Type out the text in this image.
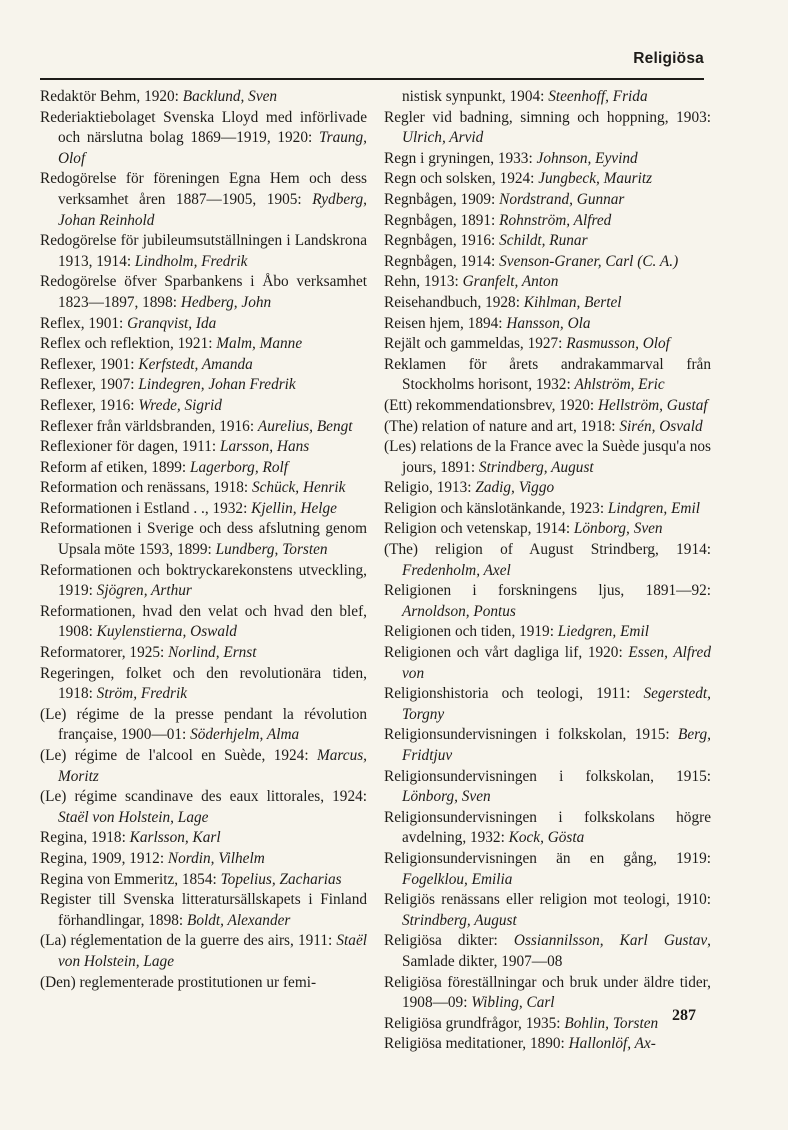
Religiösa

Redaktör Behm, 1920: Backlund, Sven

Rederiaktiebolaget Svenska Lloyd med införlivade och närslutna bolag 1869—1919, 1920: Traung, Olof

Redogörelse för föreningen Egna Hem och dess verksamhet åren 1887—1905, 1905: Rydberg, Johan Reinhold

Redogörelse för jubileumsutställningen i Landskrona 1913, 1914: Lindholm, Fredrik

Redogörelse öfver Sparbankens i Åbo verksamhet 1823—1897, 1898: Hedberg, John

Reflex, 1901: Granqvist, Ida

Reflex och reflektion, 1921: Malm, Manne

Reflexer, 1901: Kerfstedt, Amanda

Reflexer, 1907: Lindegren, Johan Fredrik

Reflexer, 1916: Wrede, Sigrid

Reflexer från världsbranden, 1916: Aurelius, Bengt

Reflexioner för dagen, 1911: Larsson, Hans

Reform af etiken, 1899: Lagerborg, Rolf

Reformation och renässans, 1918: Schück, Henrik

Reformationen i Estland . ., 1932: Kjellin, Helge

Reformationen i Sverige och dess afslutning genom Upsala möte 1593, 1899: Lundberg, Torsten

Reformationen och boktryckarekonstens utveckling, 1919: Sjögren, Arthur

Reformationen, hvad den velat och hvad den blef, 1908: Kuylenstierna, Oswald

Reformatorer, 1925: Norlind, Ernst

Regeringen, folket och den revolutionära tiden, 1918: Ström, Fredrik

(Le) régime de la presse pendant la révolution française, 1900—01: Söderhjelm, Alma

(Le) régime de l'alcool en Suède, 1924: Marcus, Moritz

(Le) régime scandinave des eaux littorales, 1924: Staël von Holstein, Lage

Regina, 1918: Karlsson, Karl

Regina, 1909, 1912: Nordin, Vilhelm

Regina von Emmeritz, 1854: Topelius, Zacharias

Register till Svenska litteratursällskapets i Finland förhandlingar, 1898: Boldt, Alexander

(La) réglementation de la guerre des airs, 1911: Staël von Holstein, Lage

(Den) reglementerade prostitutionen ur femi-

nistisk synpunkt, 1904: Steenhoff, Frida

Regler vid badning, simning och hoppning, 1903: Ulrich, Arvid

Regn i gryningen, 1933: Johnson, Eyvind

Regn och solsken, 1924: Jungbeck, Mauritz

Regnbågen, 1909: Nordstrand, Gunnar

Regnbågen, 1891: Rohnström, Alfred

Regnbågen, 1916: Schildt, Runar

Regnbågen, 1914: Svenson-Graner, Carl (C. A.)

Rehn, 1913: Granfelt, Anton

Reisehandbuch, 1928: Kihlman, Bertel

Reisen hjem, 1894: Hansson, Ola

Rejält och gammeldas, 1927: Rasmusson, Olof

Reklamen för årets andrakammarval från Stockholms horisont, 1932: Ahlström, Eric

(Ett) rekommendationsbrev, 1920: Hellström, Gustaf

(The) relation of nature and art, 1918: Sirén, Osvald

(Les) relations de la France avec la Suède jusqu'a nos jours, 1891: Strindberg, August

Religio, 1913: Zadig, Viggo

Religion och känslotänkande, 1923: Lindgren, Emil

Religion och vetenskap, 1914: Lönborg, Sven

(The) religion of August Strindberg, 1914: Fredenholm, Axel

Religionen i forskningens ljus, 1891—92: Arnoldson, Pontus

Religionen och tiden, 1919: Liedgren, Emil

Religionen och vårt dagliga lif, 1920: Essen, Alfred von

Religionshistoria och teologi, 1911: Segerstedt, Torgny

Religionsundervisningen i folkskolan, 1915: Berg, Fridtjuv

Religionsundervisningen i folkskolan, 1915: Lönborg, Sven

Religionsundervisningen i folkskolans högre avdelning, 1932: Kock, Gösta

Religionsundervisningen än en gång, 1919: Fogelklou, Emilia

Religiös renässans eller religion mot teologi, 1910: Strindberg, August

Religiösa dikter: Ossiannilsson, Karl Gustav, Samlade dikter, 1907—08

Religiösa föreställningar och bruk under äldre tider, 1908—09: Wibling, Carl

Religiösa grundfrågor, 1935: Bohlin, Torsten

Religiösa meditationer, 1890: Hallonlöf, Ax-

287
